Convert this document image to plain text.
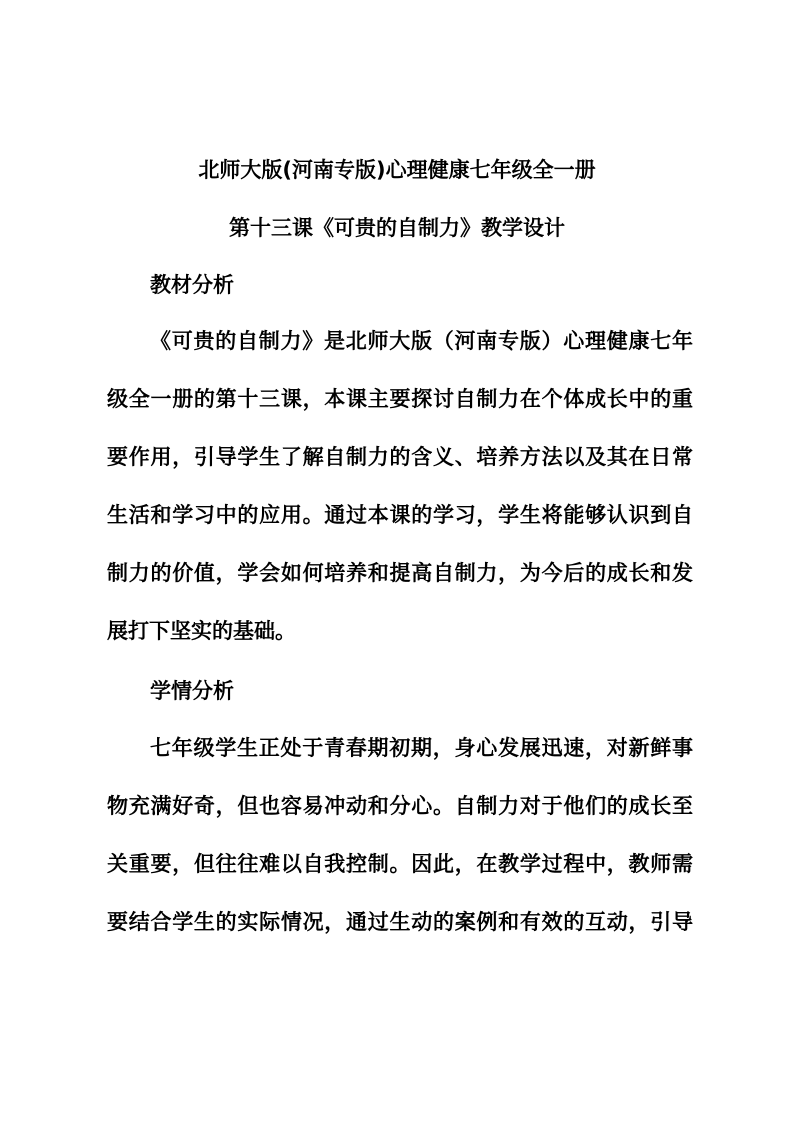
北师大版(河南专版)心理健康七年级全一册
第十三课《可贵的自制力》教学设计
教材分析
《可贵的自制力》是北师大版（河南专版）心理健康七年
级全一册的第十三课，本课主要探讨自制力在个体成长中的重
要作用，引导学生了解自制力的含义、培养方法以及其在日常
生活和学习中的应用。通过本课的学习，学生将能够认识到自
制力的价值，学会如何培养和提高自制力，为今后的成长和发
展打下坚实的基础。
学情分析
七年级学生正处于青春期初期，身心发展迅速，对新鲜事
物充满好奇，但也容易冲动和分心。自制力对于他们的成长至
关重要，但往往难以自我控制。因此，在教学过程中，教师需
要结合学生的实际情况，通过生动的案例和有效的互动，引导
